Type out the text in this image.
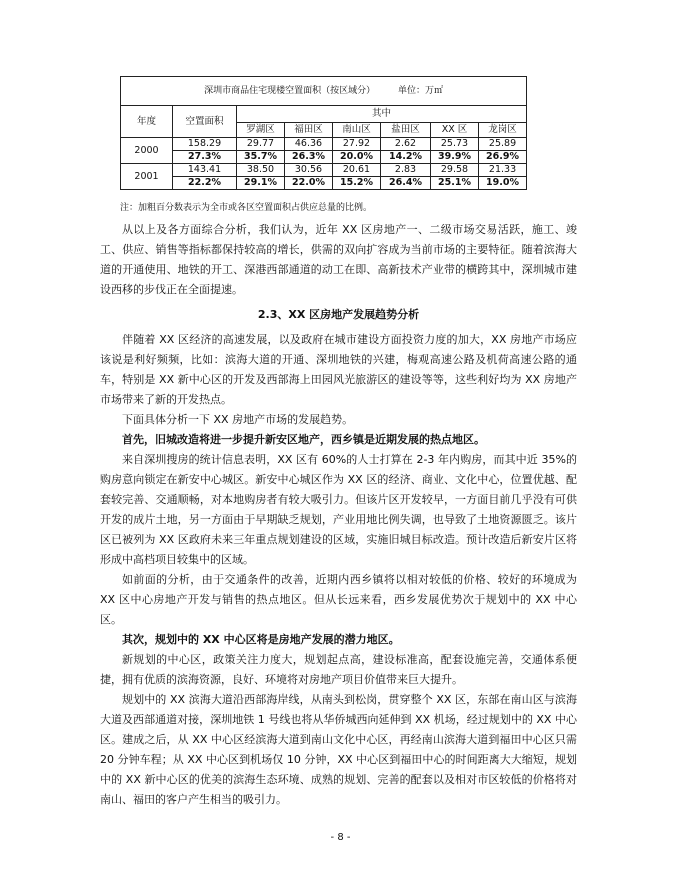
深圳市商品住宅现楼空置面积（按区域分） 单位：万㎡							
年度	空置面积	其中					
		罗湖区	福田区	南山区	盐田区	XX 区	龙岗区
2000	158.29	29.77	46.36	27.92	2.62	25.73	25.89
	27.3%	35.7%	26.3%	20.0%	14.2%	39.9%	26.9%
2001	143.41	38.50	30.56	20.61	2.83	29.58	21.33
	22.2%	29.1%	22.0%	15.2%	26.4%	25.1%	19.0%
注：加粗百分数表示为全市或各区空置面积占供应总量的比例。

从以上及各方面综合分析，我们认为，近年 XX 区房地产一、二级市场交易活跃，施工、竣工、供应、销售等指标都保持较高的增长，供需的双向扩容成为当前市场的主要特征。随着滨海大道的开通使用、地铁的开工、深港西部通道的动工在即、高新技术产业带的横跨其中，深圳城市建设西移的步伐正在全面提速。

2.3、XX 区房地产发展趋势分析

伴随着 XX 区经济的高速发展，以及政府在城市建设方面投资力度的加大，XX 房地产市场应该说是利好频频，比如：滨海大道的开通、深圳地铁的兴建，梅观高速公路及机荷高速公路的通车，特别是 XX 新中心区的开发及西部海上田园风光旅游区的建设等等，这些利好均为 XX 房地产市场带来了新的开发热点。

下面具体分析一下 XX 房地产市场的发展趋势。

首先，旧城改造将进一步提升新安区地产，西乡镇是近期发展的热点地区。

来自深圳搜房的统计信息表明，XX 区有 60%的人士打算在 2-3 年内购房，而其中近 35%的购房意向锁定在新安中心城区。新安中心城区作为 XX 区的经济、商业、文化中心，位置优越、配套较完善、交通顺畅，对本地购房者有较大吸引力。但该片区开发较早，一方面目前几乎没有可供开发的成片土地，另一方面由于早期缺乏规划，产业用地比例失调，也导致了土地资源匮乏。该片区已被列为 XX 区政府未来三年重点规划建设的区域，实施旧城目标改造。预计改造后新安片区将形成中高档项目较集中的区域。

如前面的分析，由于交通条件的改善，近期内西乡镇将以相对较低的价格、较好的环境成为 XX 区中心房地产开发与销售的热点地区。但从长远来看，西乡发展优势次于规划中的 XX 中心区。

其次，规划中的 XX 中心区将是房地产发展的潜力地区。

新规划的中心区，政策关注力度大，规划起点高，建设标准高，配套设施完善，交通体系便捷，拥有优质的滨海资源，良好、环境将对房地产项目价值带来巨大提升。

规划中的 XX 滨海大道沿西部海岸线，从南头到松岗，贯穿整个 XX 区，东部在南山区与滨海大道及西部通道对接，深圳地铁 1 号线也将从华侨城西向延伸到 XX 机场，经过规划中的 XX 中心区。建成之后，从 XX 中心区经滨海大道到南山文化中心区，再经南山滨海大道到福田中心区只需 20 分钟车程；从 XX 中心区到机场仅 10 分钟，XX 中心区到福田中心的时间距离大大缩短，规划中的 XX 新中心区的优美的滨海生态环境、成熟的规划、完善的配套以及相对市区较低的价格将对南山、福田的客户产生相当的吸引力。

- 8 -
